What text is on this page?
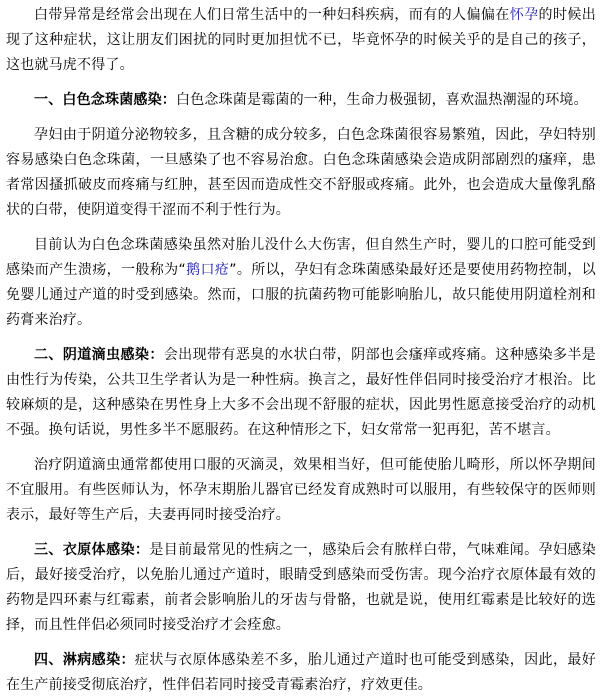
白带异常是经常会出现在人们日常生活中的一种妇科疾病，而有的人偏偏在怀孕的时候出现了这种症状，这让朋友们困扰的同时更加担忧不已，毕竟怀孕的时候关乎的是自己的孩子，这也就马虎不得了。

一、白色念珠菌感染：白色念珠菌是霉菌的一种，生命力极强韧，喜欢温热潮湿的环境。

孕妇由于阴道分泌物较多，且含糖的成分较多，白色念珠菌很容易繁殖，因此，孕妇特别容易感染白色念珠菌，一旦感染了也不容易治愈。白色念珠菌感染会造成阴部剧烈的瘙痒，患者常因搔抓破皮而疼痛与红肿，甚至因而造成性交不舒服或疼痛。此外，也会造成大量像乳酪状的白带，使阴道变得干涩而不利于性行为。

目前认为白色念珠菌感染虽然对胎儿没什么大伤害，但自然生产时，婴儿的口腔可能受到感染而产生溃疡，一般称为“鹅口疮”。所以，孕妇有念珠菌感染最好还是要使用药物控制，以免婴儿通过产道的时受到感染。然而，口服的抗菌药物可能影响胎儿，故只能使用阴道栓剂和药膏来治疗。

二、阴道滴虫感染：会出现带有恶臭的水状白带，阴部也会瘙痒或疼痛。这种感染多半是由性行为传染，公共卫生学者认为是一种性病。换言之，最好性伴侣同时接受治疗才根治。比较麻烦的是，这种感染在男性身上大多不会出现不舒服的症状，因此男性愿意接受治疗的动机不强。换句话说，男性多半不愿服药。在这种情形之下，妇女常常一犯再犯，苦不堪言。

治疗阴道滴虫通常都使用口服的灭滴灵，效果相当好，但可能使胎儿畸形，所以怀孕期间不宜服用。有些医师认为，怀孕末期胎儿器官已经发育成熟时可以服用，有些较保守的医师则表示，最好等生产后，夫妻再同时接受治疗。

三、衣原体感染：是目前最常见的性病之一，感染后会有脓样白带，气味难闻。孕妇感染后，最好接受治疗，以免胎儿通过产道时，眼睛受到感染而受伤害。现今治疗衣原体最有效的药物是四环素与红霉素，前者会影响胎儿的牙齿与骨骼，也就是说，使用红霉素是比较好的选择，而且性伴侣必须同时接受治疗才会痊愈。

四、淋病感染：症状与衣原体感染差不多，胎儿通过产道时也可能受到感染，因此，最好在生产前接受彻底治疗，性伴侣若同时接受青霉素治疗，疗效更佳。
